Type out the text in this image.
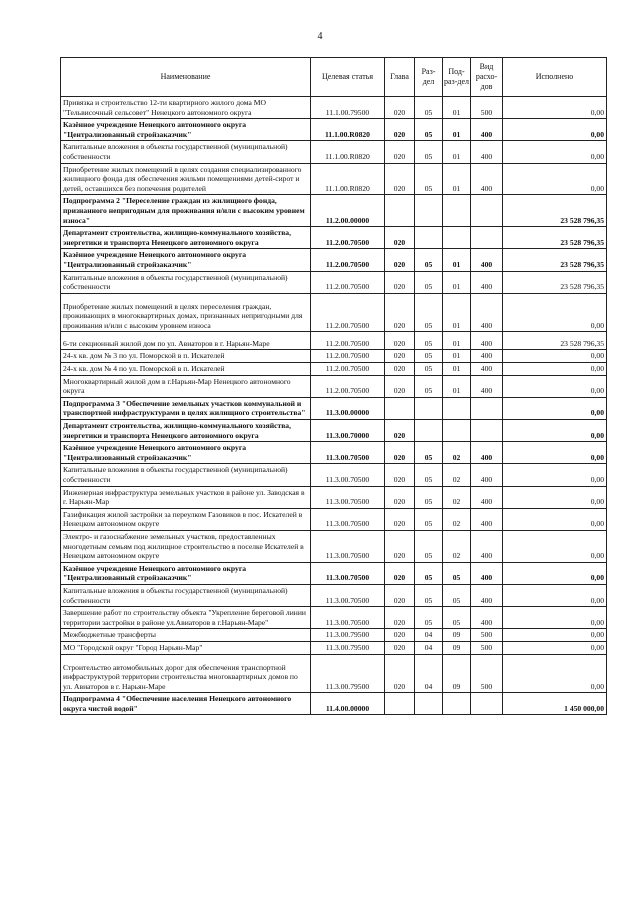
4
Наименование	Целевая статья	Глава	Раз-дел	Под-раз-дел	Вид расхо-дов	Исполнено
Привязка и строительство 12-ти квартирного жилого дома МО "Тельвисочный сельсовет" Ненецкого автономного округа	11.1.00.79500	020	05	01	500	0,00
Казённое учреждение Ненецкого автономного округа "Централизованный стройзаказчик"	11.1.00.R0820	020	05	01	400	0,00
Капитальные вложения в объекты государственной (муниципальной) собственности	11.1.00.R0820	020	05	01	400	0,00
Приобретение жилых помещений в целях создания специализированного жилищного фонда для обеспечения жильми помещениями детей-сирот и детей, оставшихся без попечения родителей	11.1.00.R0820	020	05	01	400	0,00
Подпрограмма 2 "Переселение граждан из жилищного фонда, признанного непригодным для проживания и/или с высоким уровнем износа"	11.2.00.00000					23 528 796,35
Департамент строительства, жилищно-коммунального хозяйства, энергетики и транспорта Ненецкого автономного округа	11.2.00.70500	020				23 528 796,35
Казённое учреждение Ненецкого автономного округа "Централизованный стройзаказчик"	11.2.00.70500	020	05	01	400	23 528 796,35
Капитальные вложения в объекты государственной (муниципальной) собственности	11.2.00.70500	020	05	01	400	23 528 796,35
Приобретение жилых помещений в целях переселения граждан, проживающих в многоквартирных домах, признанных непригодными для проживания и/или с высоким уровнем износа	11.2.00.70500	020	05	01	400	0,00
6-ти секционный жилой дом по ул. Авиаторов в г. Нарьян-Маре	11.2.00.70500	020	05	01	400	23 528 796,35
24-х кв. дом № 3 по ул. Поморской в п. Искателей	11.2.00.70500	020	05	01	400	0,00
24-х кв. дом № 4 по ул. Поморской в п. Искателей	11.2.00.70500	020	05	01	400	0,00
Многоквартирный жилой дом в г.Нарьян-Мар Ненецкого автономного округа	11.2.00.70500	020	05	01	400	0,00
Подпрограмма 3 "Обеспечение земельных участков коммунальной и транспортной инфраструктурами в целях жилищного строительства"	11.3.00.00000					0,00
Департамент строительства, жилищно-коммунального хозяйства, энергетики и транспорта Ненецкого автономного округа	11.3.00.70000	020				0,00
Казённое учреждение Ненецкого автономного округа "Централизованный стройзаказчик"	11.3.00.70500	020	05	02	400	0,00
Капитальные вложения в объекты государственной (муниципальной) собственности	11.3.00.70500	020	05	02	400	0,00
Инженерная инфраструктура земельных участков в районе ул. Заводская в г. Нарьян-Мар	11.3.00.70500	020	05	02	400	0,00
Газификация жилой застройки за переулком Газовиков в пос. Искателей в Ненецком автономном округе	11.3.00.70500	020	05	02	400	0,00
Электро- и газоснабжение земельных участков, предоставленных многодетным семьям под жилищное строительство в поселке Искателей в Ненецком автономном округе	11.3.00.70500	020	05	02	400	0,00
Казённое учреждение Ненецкого автономного округа "Централизованный стройзаказчик"	11.3.00.70500	020	05	05	400	0,00
Капитальные вложения в объекты государственной (муниципальной) собственности	11.3.00.70500	020	05	05	400	0,00
Завершение работ по строительству объекта "Укрепление береговой линии территории застройки в районе ул.Авиаторов в г.Нарьян-Маре"	11.3.00.70500	020	05	05	400	0,00
Межбюджетные трансферты	11.3.00.79500	020	04	09	500	0,00
МО "Городской округ "Город Нарьян-Мар"	11.3.00.79500	020	04	09	500	0,00
Строительство автомобильных дорог для обеспечения транспортной инфраструктурой территории строительства многоквартирных домов по ул. Авиаторов в г. Нарьян-Маре	11.3.00.79500	020	04	09	500	0,00
Подпрограмма 4 "Обеспечение населения Ненецкого автономного округа чистой водой"	11.4.00.00000					1 450 000,00
